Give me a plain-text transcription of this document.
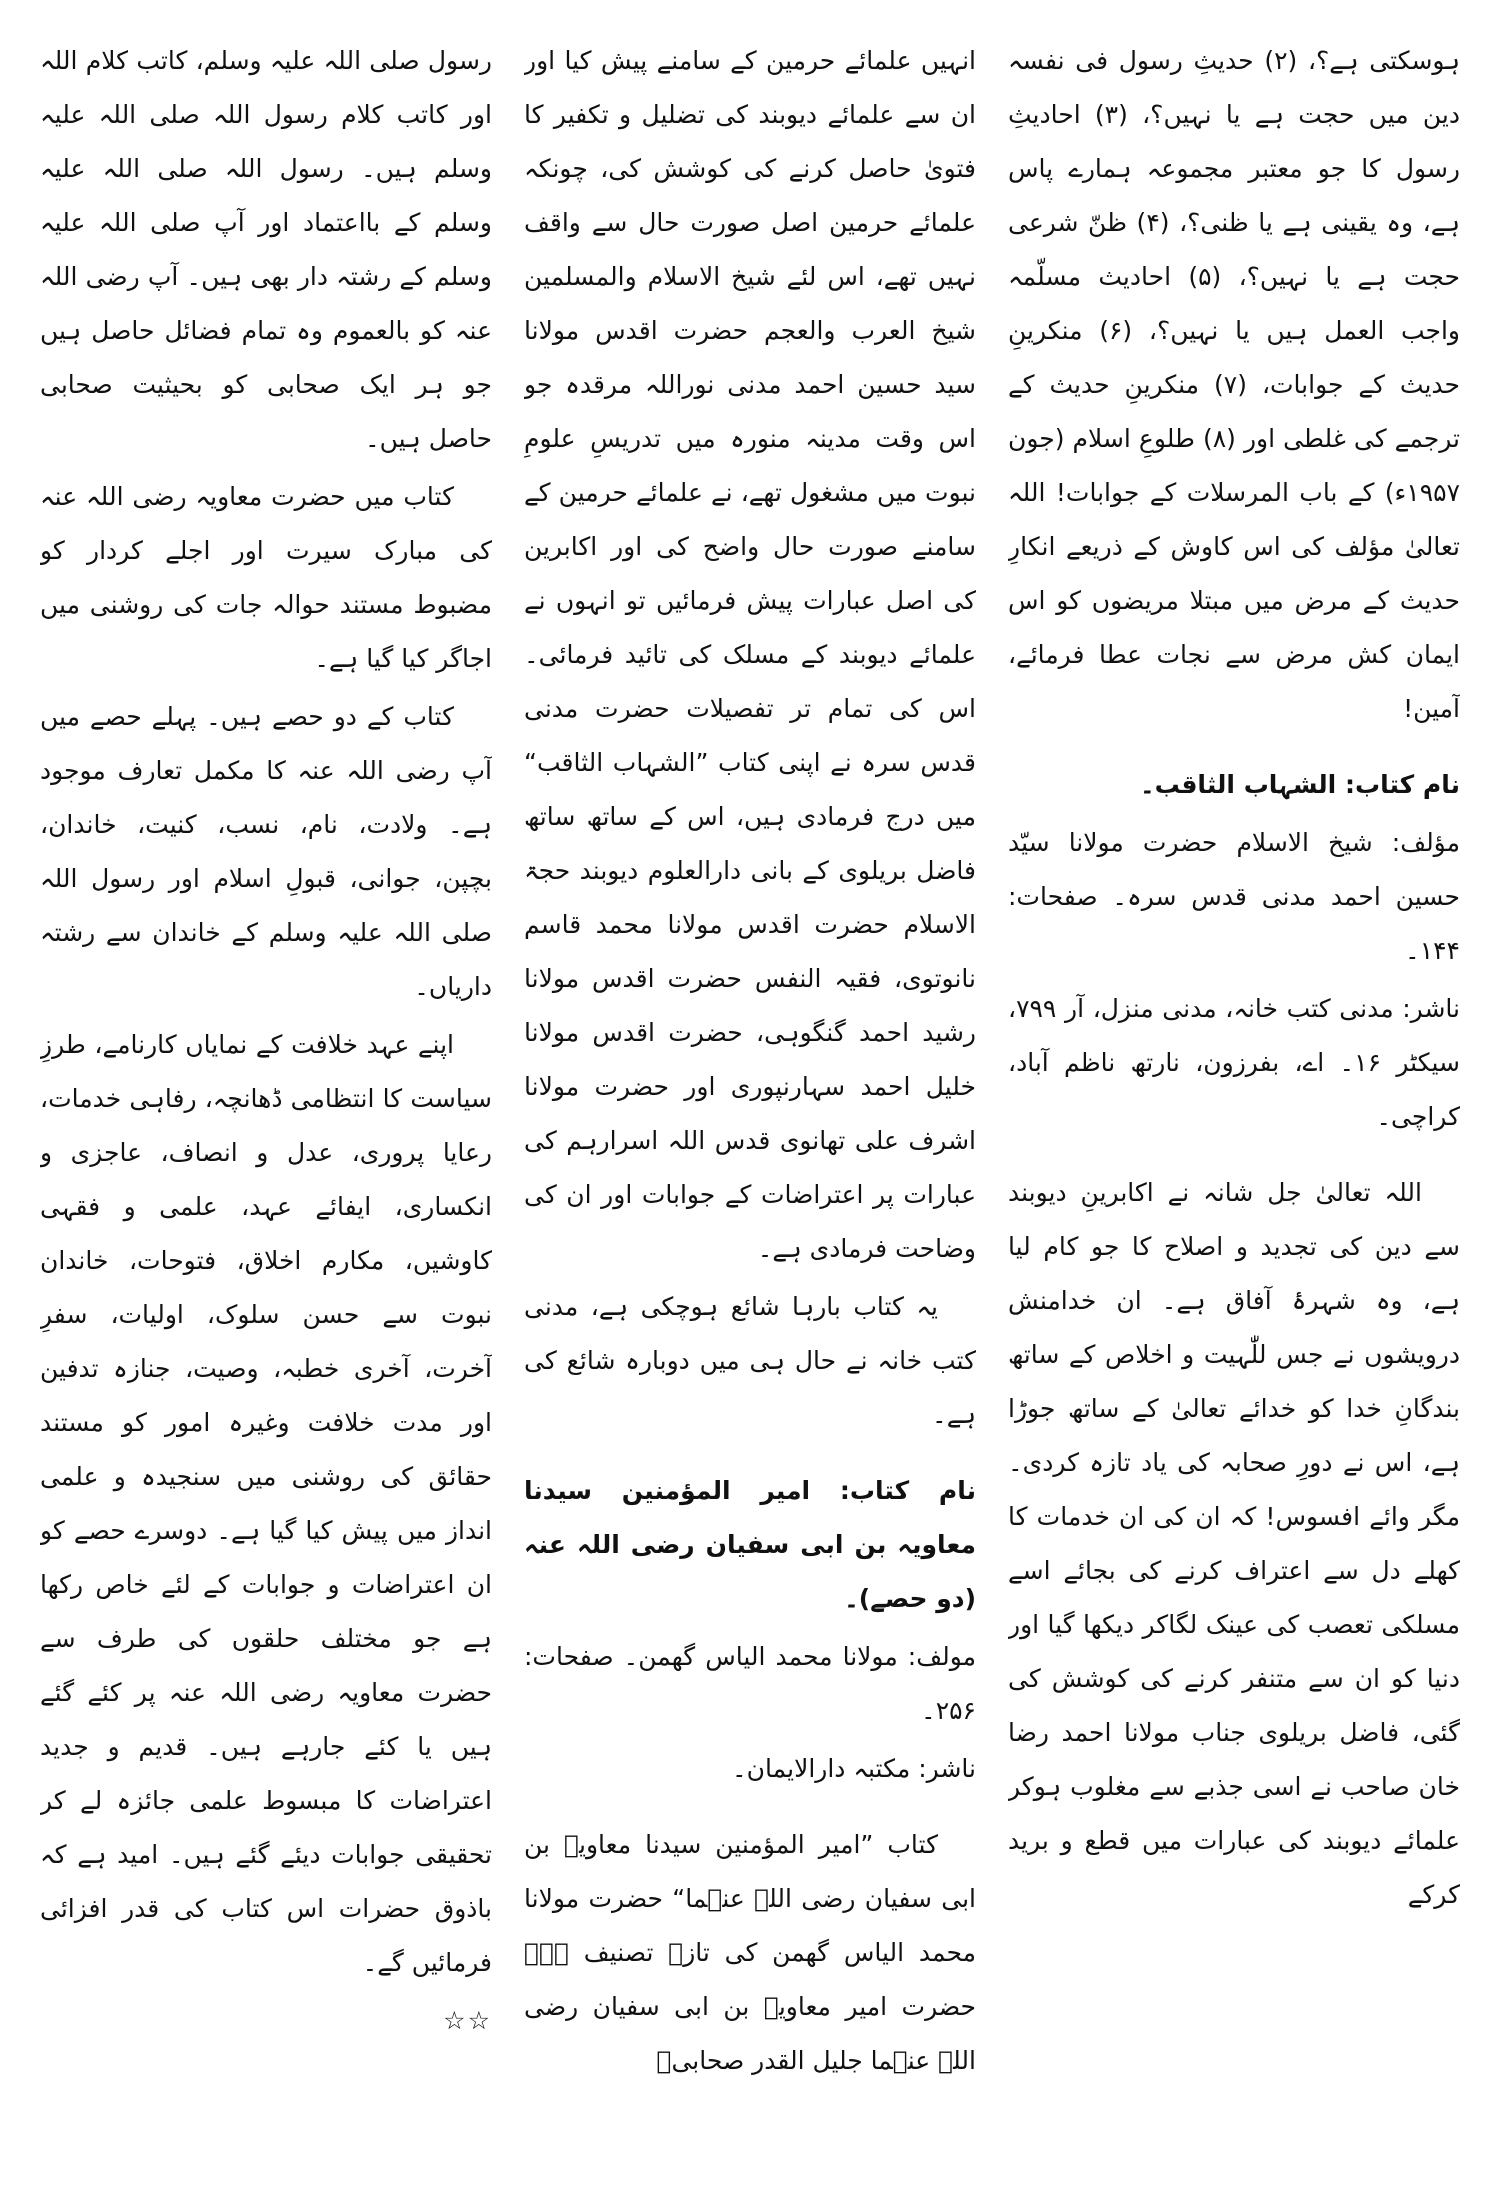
ہوسکتی ہے؟، (۲) حدیثِ رسول فی نفسہ دین میں حجت ہے یا نہیں؟، (۳) احادیثِ رسول کا جو معتبر مجموعہ ہمارے پاس ہے، وہ یقینی ہے یا ظنی؟، (۴) ظنّ شرعی حجت ہے یا نہیں؟، (۵) احادیث مسلّمہ واجب العمل ہیں یا نہیں؟، (۶) منکرینِ حدیث کے جوابات، (۷) منکرینِ حدیث کے ترجمے کی غلطی اور (۸) طلوعِ اسلام (جون ۱۹۵۷ء) کے باب المرسلات کے جوابات! اللہ تعالیٰ مؤلف کی اس کاوش کے ذریعے انکارِ حدیث کے مرض میں مبتلا مریضوں کو اس ایمان کش مرض سے نجات عطا فرمائے، آمین!

نام کتاب: الشہاب الثاقب۔

مؤلف: شیخ الاسلام حضرت مولانا سیّد حسین احمد مدنی قدس سرہ۔ صفحات: ۱۴۴۔

ناشر: مدنی کتب خانہ، مدنی منزل، آر ۷۹۹، سیکٹر ۱۶۔ اے، بفرزون، نارتھ ناظم آباد، کراچی۔

اللہ تعالیٰ جل شانہ نے اکابرینِ دیوبند سے دین کی تجدید و اصلاح کا جو کام لیا ہے، وہ شہرۂ آفاق ہے۔ ان خدامنش درویشوں نے جس للّٰہیت و اخلاص کے ساتھ بندگانِ خدا کو خدائے تعالیٰ کے ساتھ جوڑا ہے، اس نے دورِ صحابہ کی یاد تازہ کردی۔ مگر وائے افسوس! کہ ان کی ان خدمات کا کھلے دل سے اعتراف کرنے کی بجائے اسے مسلکی تعصب کی عینک لگاکر دیکھا گیا اور دنیا کو ان سے متنفر کرنے کی کوشش کی گئی، فاضل بریلوی جناب مولانا احمد رضا خان صاحب نے اسی جذبے سے مغلوب ہوکر علمائے دیوبند کی عبارات میں قطع و برید کرکے

انہیں علمائے حرمین کے سامنے پیش کیا اور ان سے علمائے دیوبند کی تضلیل و تکفیر کا فتویٰ حاصل کرنے کی کوشش کی، چونکہ علمائے حرمین اصل صورت حال سے واقف نہیں تھے، اس لئے شیخ الاسلام والمسلمین شیخ العرب والعجم حضرت اقدس مولانا سید حسین احمد مدنی نوراللہ مرقدہ جو اس وقت مدینہ منورہ میں تدریسِ علومِ نبوت میں مشغول تھے، نے علمائے حرمین کے سامنے صورت حال واضح کی اور اکابرین کی اصل عبارات پیش فرمائیں تو انہوں نے علمائے دیوبند کے مسلک کی تائید فرمائی۔ اس کی تمام تر تفصیلات حضرت مدنی قدس سرہ نے اپنی کتاب ”الشہاب الثاقب“ میں درج فرمادی ہیں، اس کے ساتھ ساتھ فاضل بریلوی کے بانی دارالعلوم دیوبند حجۃ الاسلام حضرت اقدس مولانا محمد قاسم نانوتوی، فقیہ النفس حضرت اقدس مولانا رشید احمد گنگوہی، حضرت اقدس مولانا خلیل احمد سہارنپوری اور حضرت مولانا اشرف علی تھانوی قدس اللہ اسرارہم کی عبارات پر اعتراضات کے جوابات اور ان کی وضاحت فرمادی ہے۔

یہ کتاب بارہا شائع ہوچکی ہے، مدنی کتب خانہ نے حال ہی میں دوبارہ شائع کی ہے۔

نام کتاب: امیر المؤمنین سیدنا معاویہ بن ابی سفیان رضی اللہ عنہ (دو حصے)۔

مولف: مولانا محمد الیاس گھمن۔ صفحات: ۲۵۶۔

ناشر: مکتبہ دارالایمان۔

کتاب ”امیر المؤمنین سیدنا معاویہ بن ابی سفیان رضی اللہ عنہما“ حضرت مولانا محمد الیاس گھمن کی تازہ تصنیف ہے۔ حضرت امیر معاویہ بن ابی سفیان رضی اللہ عنہما جلیل القدر صحابیؓ

رسول صلی اللہ علیہ وسلم، کاتب کلام اللہ اور کاتب کلام رسول اللہ صلی اللہ علیہ وسلم ہیں۔ رسول اللہ صلی اللہ علیہ وسلم کے بااعتماد اور آپ صلی اللہ علیہ وسلم کے رشتہ دار بھی ہیں۔ آپ رضی اللہ عنہ کو بالعموم وہ تمام فضائل حاصل ہیں جو ہر ایک صحابی کو بحیثیت صحابی حاصل ہیں۔

کتاب میں حضرت معاویہ رضی اللہ عنہ کی مبارک سیرت اور اجلے کردار کو مضبوط مستند حوالہ جات کی روشنی میں اجاگر کیا گیا ہے۔

کتاب کے دو حصے ہیں۔ پہلے حصے میں آپ رضی اللہ عنہ کا مکمل تعارف موجود ہے۔ ولادت، نام، نسب، کنیت، خاندان، بچپن، جوانی، قبولِ اسلام اور رسول اللہ صلی اللہ علیہ وسلم کے خاندان سے رشتہ داریاں۔

اپنے عہد خلافت کے نمایاں کارنامے، طرزِ سیاست کا انتظامی ڈھانچہ، رفاہی خدمات، رعایا پروری، عدل و انصاف، عاجزی و انکساری، ایفائے عہد، علمی و فقہی کاوشیں، مکارم اخلاق، فتوحات، خاندان نبوت سے حسن سلوک، اولیات، سفرِ آخرت، آخری خطبہ، وصیت، جنازہ تدفین اور مدت خلافت وغیرہ امور کو مستند حقائق کی روشنی میں سنجیدہ و علمی انداز میں پیش کیا گیا ہے۔ دوسرے حصے کو ان اعتراضات و جوابات کے لئے خاص رکھا ہے جو مختلف حلقوں کی طرف سے حضرت معاویہ رضی اللہ عنہ پر کئے گئے ہیں یا کئے جارہے ہیں۔ قدیم و جدید اعتراضات کا مبسوط علمی جائزہ لے کر تحقیقی جوابات دیئے گئے ہیں۔ امید ہے کہ باذوق حضرات اس کتاب کی قدر افزائی فرمائیں گے۔

☆☆
